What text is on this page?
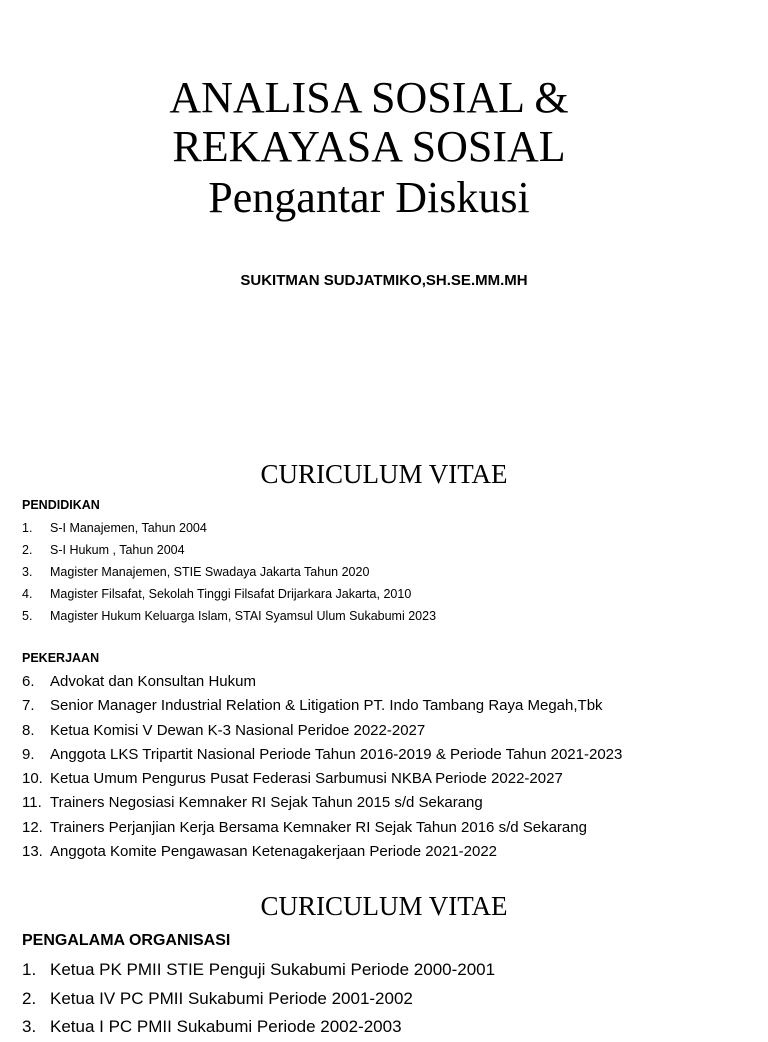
ANALISA SOSIAL &
REKAYASA SOSIAL
Pengantar Diskusi
SUKITMAN SUDJATMIKO,SH.SE.MM.MH
CURICULUM VITAE
PENDIDIKAN
1.	S-I Manajemen, Tahun 2004
2.	S-I Hukum , Tahun 2004
3.	Magister Manajemen, STIE Swadaya Jakarta Tahun 2020
4.	Magister Filsafat, Sekolah Tinggi Filsafat Drijarkara Jakarta, 2010
5.	Magister Hukum Keluarga Islam, STAI Syamsul Ulum Sukabumi 2023
PEKERJAAN
6.	Advokat dan Konsultan Hukum
7.	Senior Manager Industrial Relation & Litigation PT. Indo Tambang Raya Megah,Tbk
8.	Ketua Komisi V Dewan K-3 Nasional Peridoe 2022-2027
9.	Anggota LKS Tripartit Nasional Periode Tahun 2016-2019 & Periode Tahun 2021-2023
10. Ketua Umum Pengurus Pusat Federasi Sarbumusi NKBA Periode 2022-2027
11. Trainers Negosiasi Kemnaker RI Sejak Tahun 2015 s/d Sekarang
12. Trainers Perjanjian Kerja Bersama Kemnaker RI Sejak Tahun 2016 s/d Sekarang
13. Anggota Komite Pengawasan Ketenagakerjaan Periode 2021-2022
CURICULUM VITAE
PENGALAMA ORGANISASI
1. Ketua PK PMII STIE Penguji Sukabumi Periode 2000-2001
2. Ketua IV PC PMII Sukabumi Periode 2001-2002
3. Ketua I PC PMII Sukabumi Periode 2002-2003
